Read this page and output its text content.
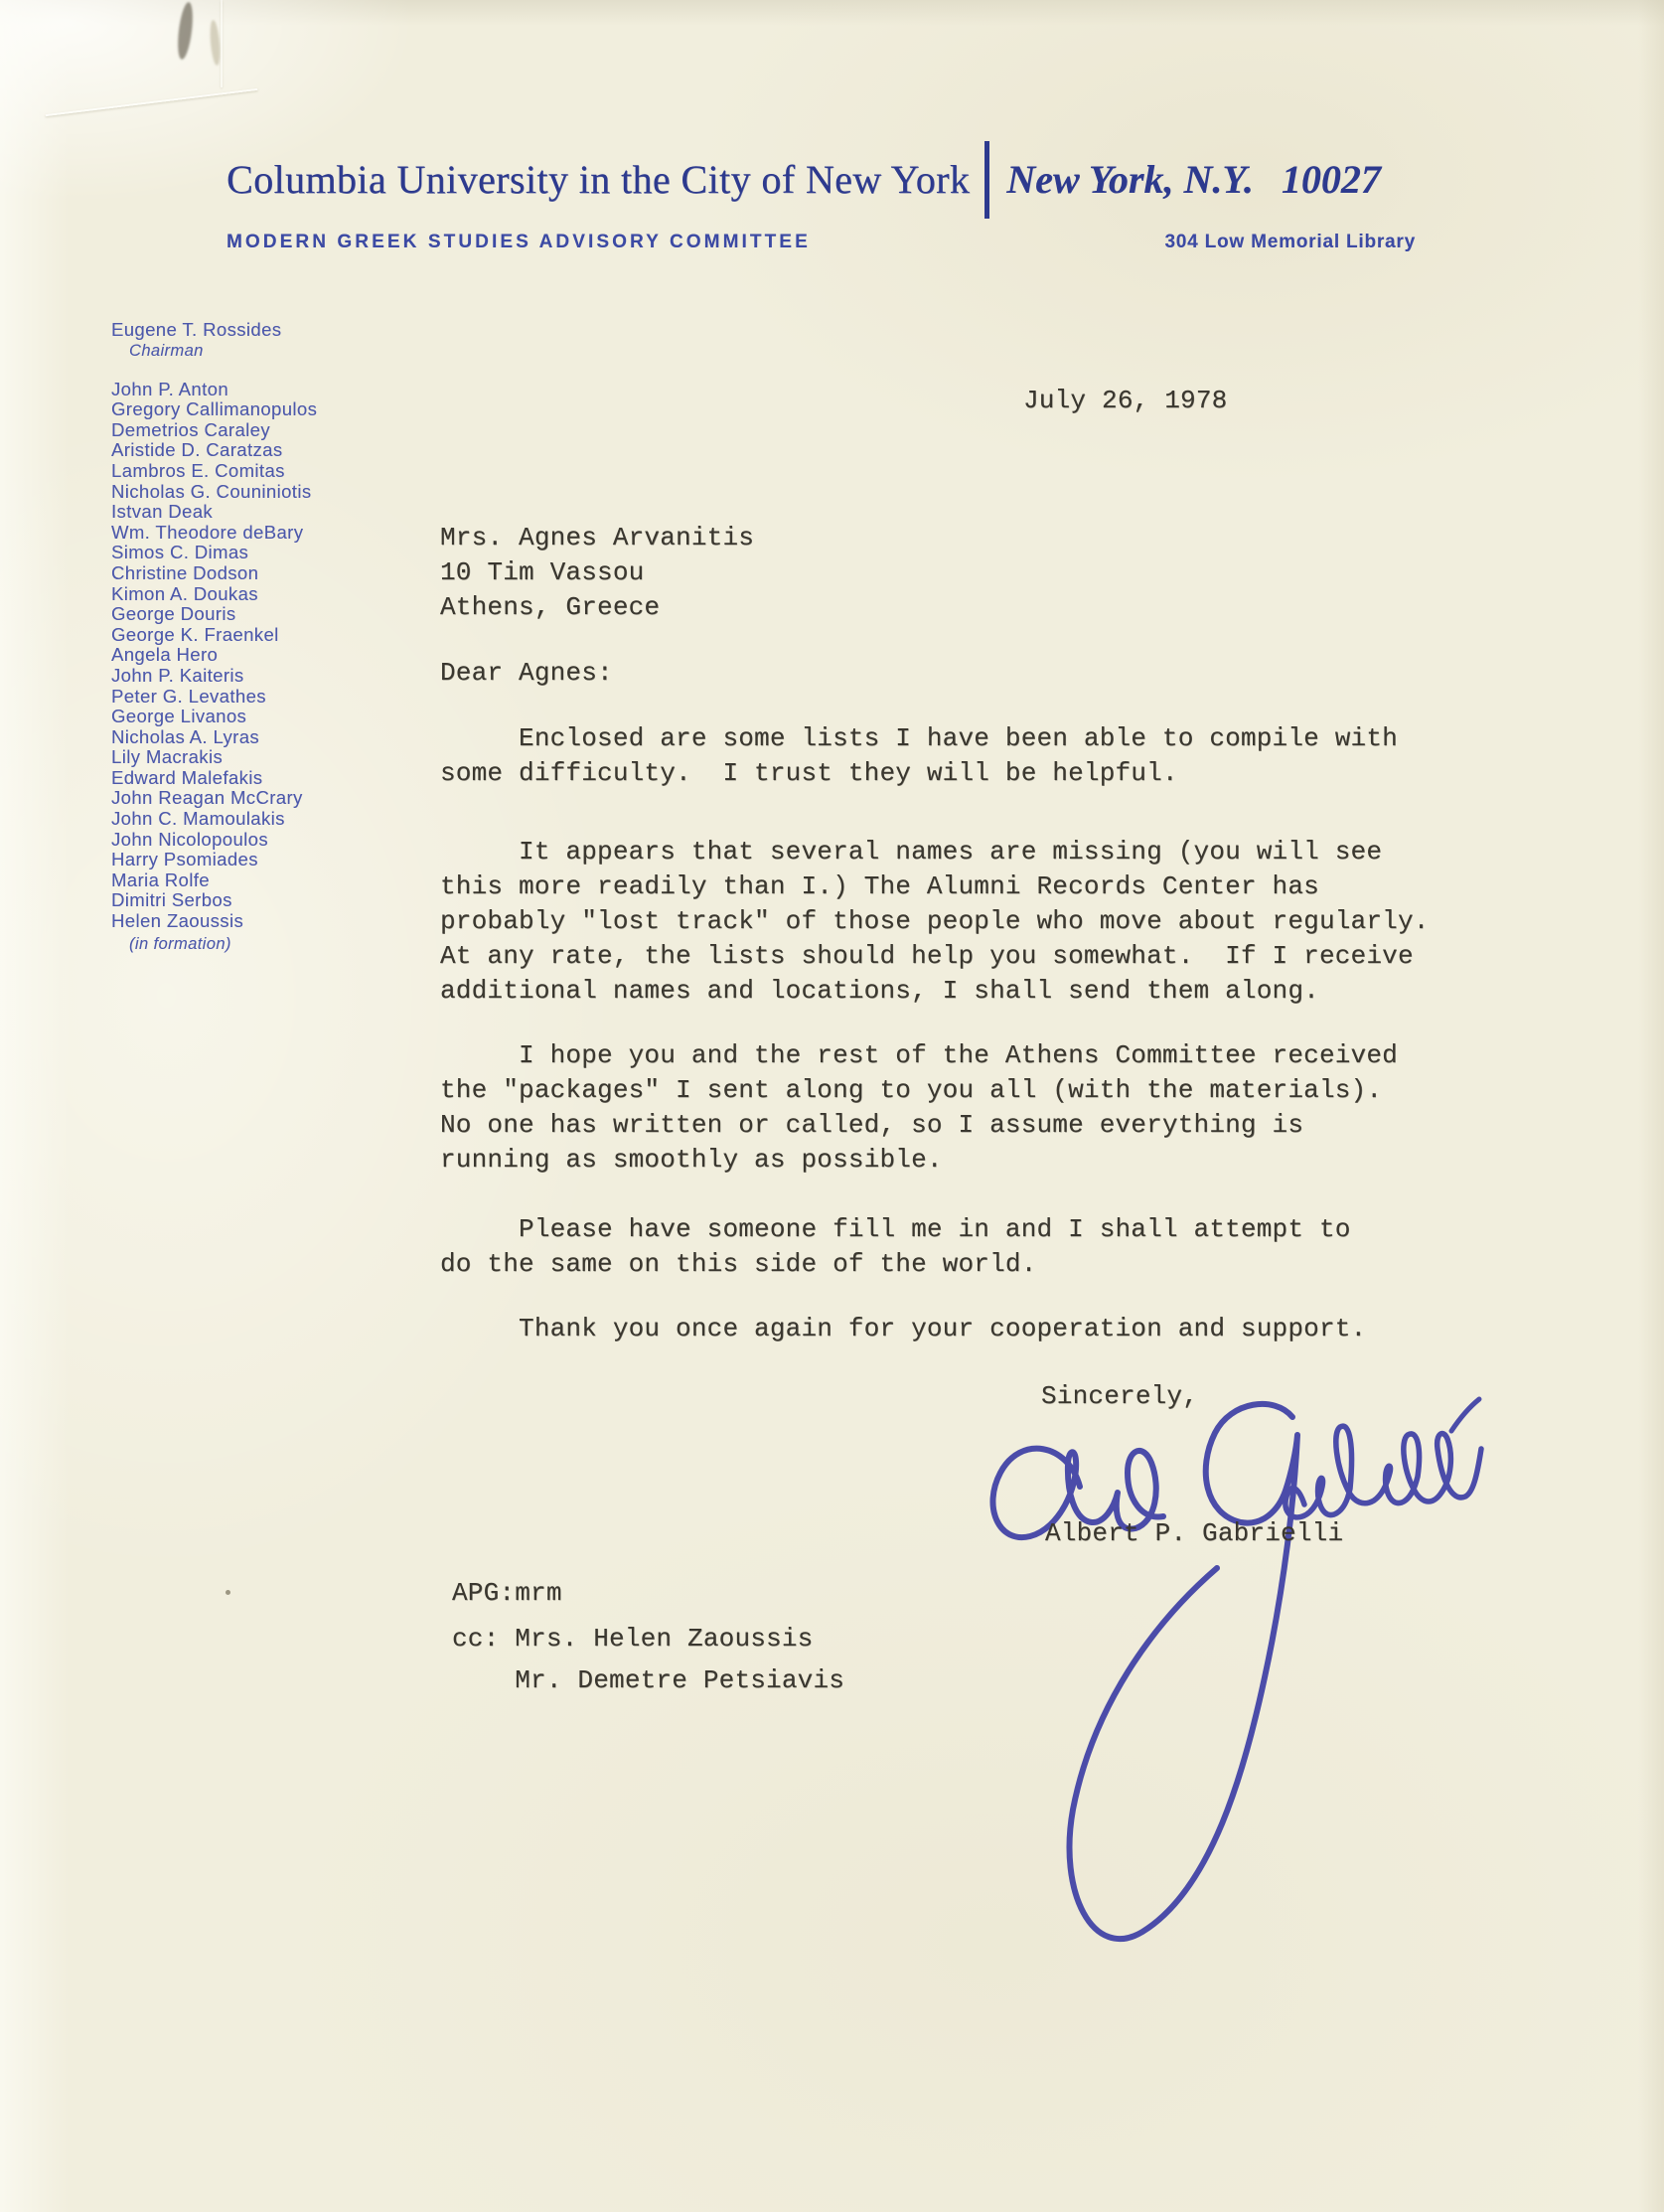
Columbia University in the City of New York New York, N.Y. 10027
MODERN GREEK STUDIES ADVISORY COMMITTEE	304 Low Memorial Library
Eugene T. Rossides
Chairman
John P. Anton
Gregory Callimanopulos
Demetrios Caraley
Aristide D. Caratzas
Lambros E. Comitas
Nicholas G. Couniniotis
Istvan Deak
Wm. Theodore deBary
Simos C. Dimas
Christine Dodson
Kimon A. Doukas
George Douris
George K. Fraenkel
Angela Hero
John P. Kaiteris
Peter G. Levathes
George Livanos
Nicholas A. Lyras
Lily Macrakis
Edward Malefakis
John Reagan McCrary
John C. Mamoulakis
John Nicolopoulos
Harry Psomiades
Maria Rolfe
Dimitri Serbos
Helen Zaoussis
(in formation)
July 26, 1978
Mrs. Agnes Arvanitis
10 Tim Vassou
Athens, Greece
Dear Agnes:
Enclosed are some lists I have been able to compile with
some difficulty.  I trust they will be helpful.
It appears that several names are missing (you will see
this more readily than I.) The Alumni Records Center has
probably "lost track" of those people who move about regularly.
At any rate, the lists should help you somewhat.  If I receive
additional names and locations, I shall send them along.
I hope you and the rest of the Athens Committee received
the "packages" I sent along to you all (with the materials).
No one has written or called, so I assume everything is
running as smoothly as possible.
Please have someone fill me in and I shall attempt to
do the same on this side of the world.
Thank you once again for your cooperation and support.
Sincerely,
Albert P. Gabrielli
APG:mrm
cc: Mrs. Helen Zaoussis
Mr. Demetre Petsiavis
